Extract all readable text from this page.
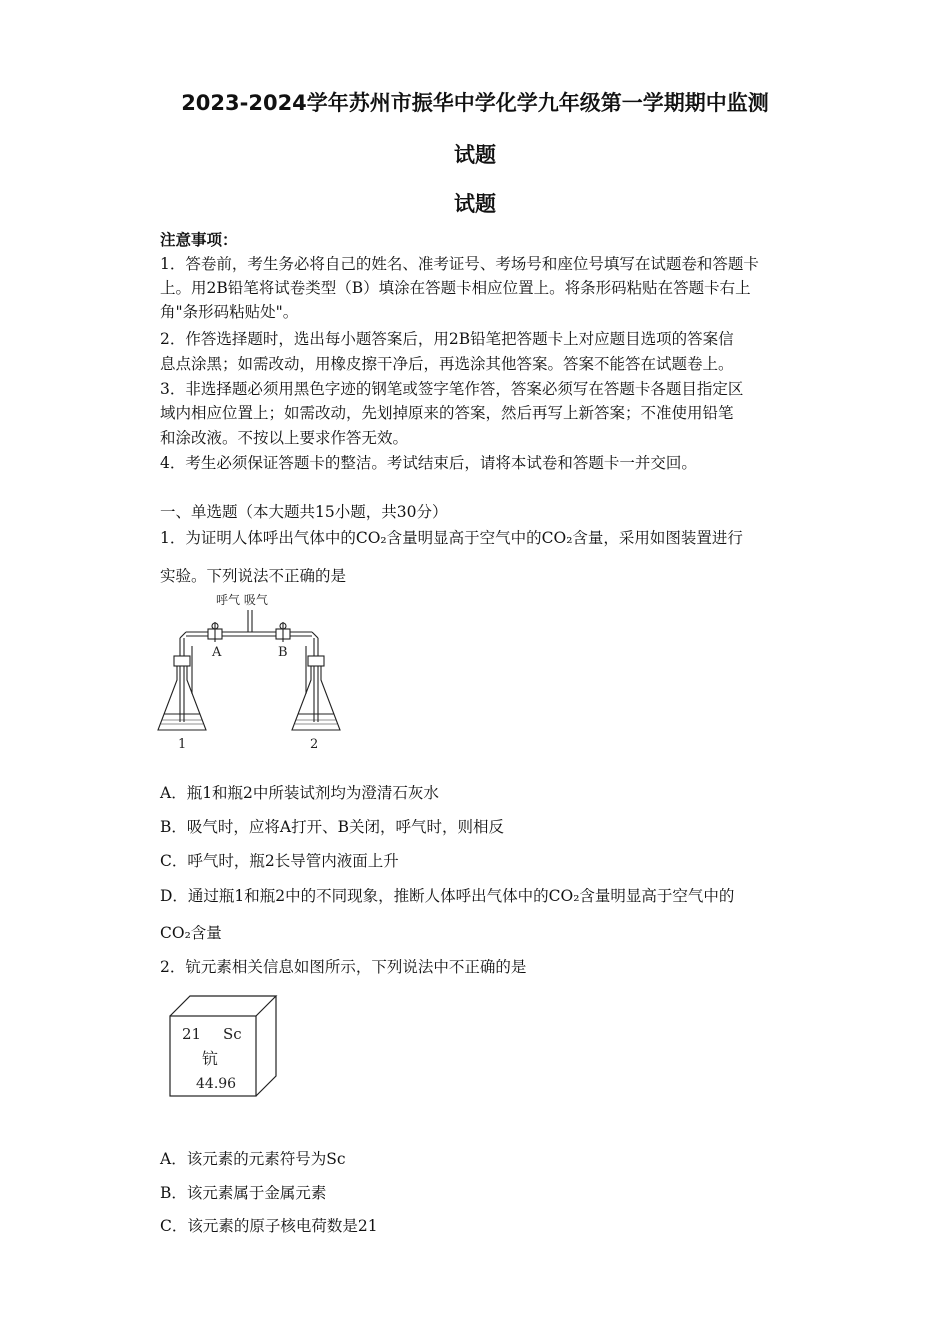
2023-2024学年苏州市振华中学化学九年级第一学期期中监测
试题
试题
注意事项：
1．答卷前，考生务必将自己的姓名、准考证号、考场号和座位号填写在试题卷和答题卡
上。用2B铅笔将试卷类型（B）填涂在答题卡相应位置上。将条形码粘贴在答题卡右上
角"条形码粘贴处"。
2．作答选择题时，选出每小题答案后，用2B铅笔把答题卡上对应题目选项的答案信
息点涂黑；如需改动，用橡皮擦干净后，再选涂其他答案。答案不能答在试题卷上。
3．非选择题必须用黑色字迹的钢笔或签字笔作答，答案必须写在答题卡各题目指定区
域内相应位置上；如需改动，先划掉原来的答案，然后再写上新答案；不准使用铅笔
和涂改液。不按以上要求作答无效。
4．考生必须保证答题卡的整洁。考试结束后，请将本试卷和答题卡一并交回。
一、单选题（本大题共15小题，共30分）
1．为证明人体呼出气体中的CO₂含量明显高于空气中的CO₂含量，采用如图装置进行
实验。下列说法不正确的是
呼气 吸气
A	B
1	2
A．瓶1和瓶2中所装试剂均为澄清石灰水
B．吸气时，应将A打开、B关闭，呼气时，则相反
C．呼气时，瓶2长导管内液面上升
D．通过瓶1和瓶2中的不同现象，推断人体呼出气体中的CO₂含量明显高于空气中的
CO₂含量
2．钪元素相关信息如图所示，下列说法中不正确的是
21 Sc
钪
44.96
A．该元素的元素符号为Sc
B．该元素属于金属元素
C．该元素的原子核电荷数是21
